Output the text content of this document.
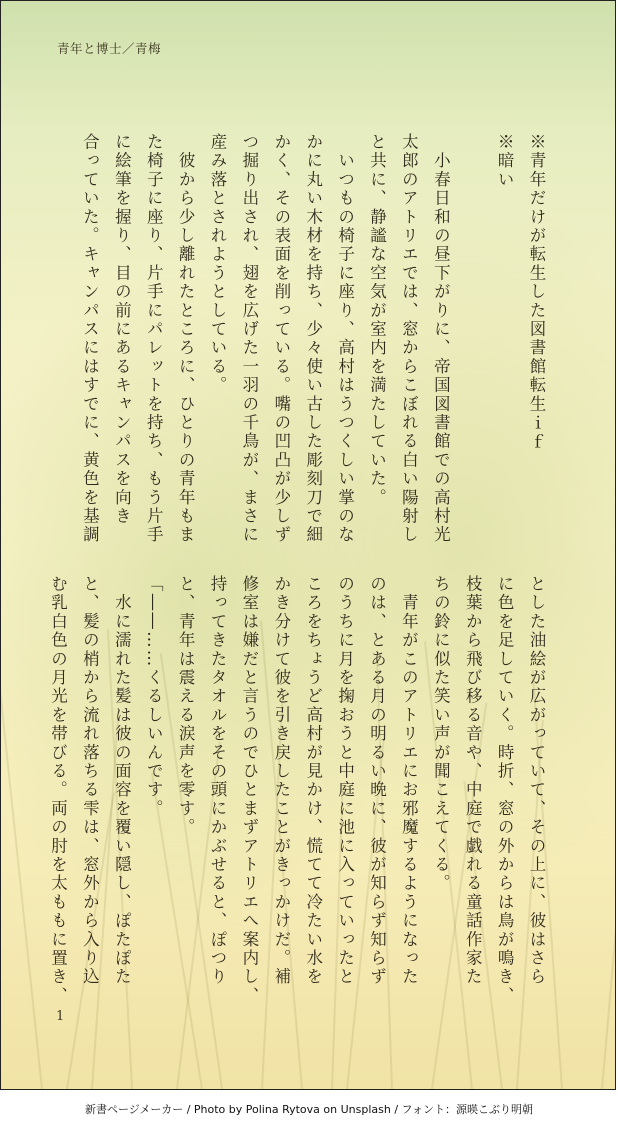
青年と博士／青梅
※青年だけが転生した図書館転生ｉｆ
※暗い
　小春日和の昼下がりに、帝国図書館での高村光
太郎のアトリエでは、窓からこぼれる白い陽射し
と共に、静謐な空気が室内を満たしていた。
　いつもの椅子に座り、高村はうつくしい掌のな
かに丸い木材を持ち、少々使い古した彫刻刀で細
かく、その表面を削っている。嘴の凹凸が少しず
つ掘り出され、翅を広げた一羽の千鳥が、まさに
産み落とされようとしている。
　彼から少し離れたところに、ひとりの青年もま
た椅子に座り、片手にパレットを持ち、もう片手
に絵筆を握り、目の前にあるキャンパスを向き
合っていた。キャンパスにはすでに、黄色を基調
とした油絵が広がっていて、その上に、彼はさら
に色を足していく。時折、窓の外からは鳥が鳴き、
枝葉から飛び移る音や、中庭で戯れる童話作家た
ちの鈴に似た笑い声が聞こえてくる。
　青年がこのアトリエにお邪魔するようになった
のは、とある月の明るい晩に、彼が知らず知らず
のうちに月を掬おうと中庭に池に入っていったと
ころをちょうど高村が見かけ、慌てて冷たい水を
かき分けて彼を引き戻したことがきっかけだ。補
修室は嫌だと言うのでひとまずアトリエへ案内し、
持ってきたタオルをその頭にかぶせると、ぽつり
と、青年は震える涙声を零す。
「――……くるしいんです。
　水に濡れた髪は彼の面容を覆い隠し、ぽたぽた
と、髪の梢から流れ落ちる雫は、窓外から入り込
む乳白色の月光を帯びる。両の肘を太ももに置き、
1
新書ページメーカー / Photo by Polina Rytova on Unsplash / フォント：源暎こぶり明朝
